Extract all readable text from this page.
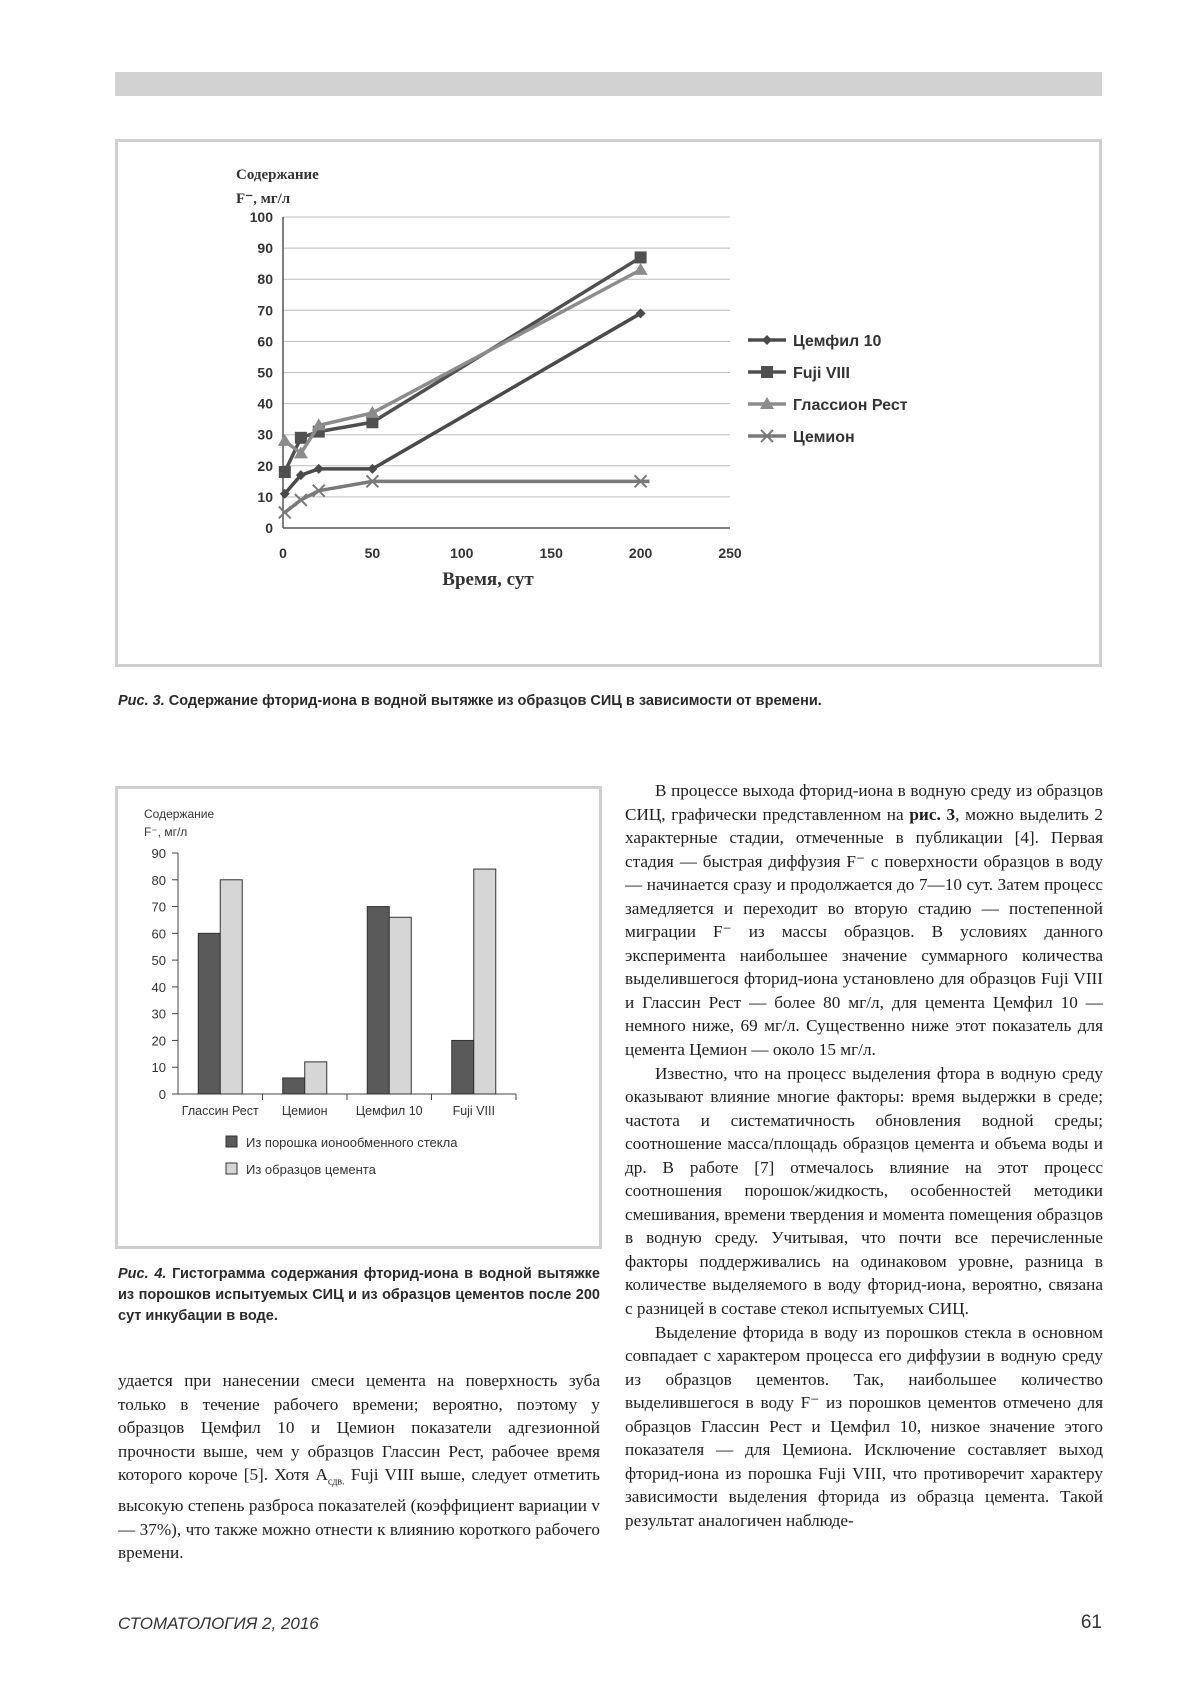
0
10
20
30
40
50
60
70
80
90
100
0	50	100	150	200	250
Содержание
F⁻, мг/л
Время, сут
Цемфил 10
Fuji VIII
Глассион Рест
Цемион
Рис. 3. Содержание фторид-иона в водной вытяжке из образцов СИЦ в зависимости от времени.
Содержание
F⁻, мг/л
0
10
20
30
40
50
60
70
80
90
Глассин Рест Цемион Цемфил 10 Fuji VIII
Из порошка ионообменного стекла
Из образцов цемента
Рис. 4. Гистограмма содержания фторид-иона в водной вытяжке из порошков испытуемых СИЦ и из образцов цементов после 200 сут инкубации в воде.

В процессе выхода фторид-иона в водную среду из образцов СИЦ, графически представленном на рис. 3, можно выделить 2 характерные стадии, отмеченные в публикации [4]. Первая стадия — быстрая диффузия F⁻ с поверхности образцов в воду — начинается сразу и продолжается до 7—10 сут. Затем процесс замедляется и переходит во вторую стадию — постепенной миграции F⁻ из массы образцов. В условиях данного эксперимента наибольшее значение суммарного количества выделившегося фторид-иона установлено для образцов Fuji VIII и Глассин Рест — более 80 мг/л, для цемента Цемфил 10 — немного ниже, 69 мг/л. Существенно ниже этот показатель для цемента Цемион — около 15 мг/л.

Известно, что на процесс выделения фтора в водную среду оказывают влияние многие факторы: время выдержки в среде; частота и систематичность обновления водной среды; соотношение масса/площадь образцов цемента и объема воды и др. В работе [7] отмечалось влияние на этот процесс соотношения порошок/жидкость, особенностей методики смешивания, времени твердения и момента помещения образцов в водную среду. Учитывая, что почти все перечисленные факторы поддерживались на одинаковом уровне, разница в количестве выделяемого в воду фторид-иона, вероятно, связана с разницей в составе стекол испытуемых СИЦ.

Выделение фторида в воду из порошков стекла в основном совпадает с характером процесса его диффузии в водную среду из образцов цементов. Так, наибольшее количество выделившегося в воду F⁻ из порошков цементов отмечено для образцов Глассин Рест и Цемфил 10, низкое значение этого показателя — для Цемиона. Исключение составляет выход фторид-иона из порошка Fuji VIII, что противоречит характеру зависимости выделения фторида из образца цемента. Такой результат аналогичен наблюде-

удается при нанесении смеси цемента на поверхность зуба только в течение рабочего времени; вероятно, поэтому у образцов Цемфил 10 и Цемион показатели адгезионной прочности выше, чем у образцов Глассин Рест, рабочее время которого короче [5]. Хотя $A_{сдв.}$ Fuji VIII выше, следует отметить высокую степень разброса показателей (коэффициент вариации v — 37%), что также можно отнести к влиянию короткого рабочего времени.

СТОМАТОЛОГИЯ 2, 2016	61
